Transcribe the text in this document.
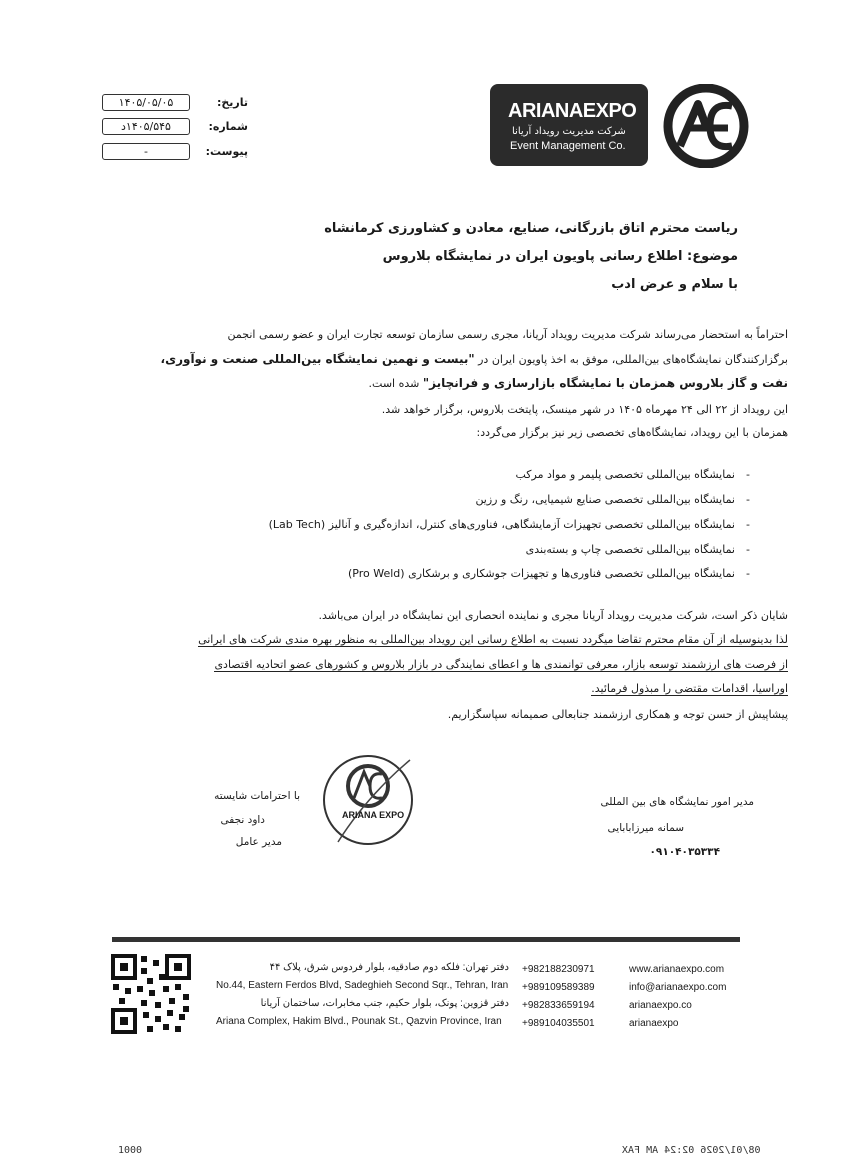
ARIANAEXPO
شرکت مدیریت رویداد آریانا
Event Management Co.
تاریخ:
۱۴۰۵/۰۵/۰۵
شماره:
۱۴۰۵/۵۴۵د
پیوست:
-
ریاست محترم اتاق بازرگانی، صنایع، معادن و کشاورزی کرمانشاه
موضوع: اطلاع رسانی پاویون ایران در نمایشگاه بلاروس
با سلام و عرض ادب
احتراماً به استحضار می‌رساند شرکت مدیریت رویداد آریانا، مجری رسمی سازمان توسعه تجارت ایران و عضو رسمی انجمن
برگزارکنندگان نمایشگاه‌های بین‌المللی، موفق به اخذ پاویون ایران در "بیست و نهمین نمایشگاه بین‌المللی صنعت و نوآوری،
نفت و گاز بلاروس همزمان با نمایشگاه بازارسازی و فرانچایز" شده است.
این رویداد از ۲۲ الی ۲۴ مهرماه ۱۴۰۵ در شهر مینسک، پایتخت بلاروس، برگزار خواهد شد.
همزمان با این رویداد، نمایشگاه‌های تخصصی زیر نیز برگزار می‌گردد:
-
نمایشگاه بین‌المللی تخصصی پلیمر و مواد مرکب
-
نمایشگاه بین‌المللی تخصصی صنایع شیمیایی، رنگ و رزین
-
نمایشگاه بین‌المللی تخصصی تجهیزات آزمایشگاهی، فناوری‌های کنترل، اندازه‌گیری و آنالیز (Lab Tech)
-
نمایشگاه بین‌المللی تخصصی چاپ و بسته‌بندی
-
نمایشگاه بین‌المللی تخصصی فناوری‌ها و تجهیزات جوشکاری و برشکاری (Pro Weld)
شایان ذکر است، شرکت مدیریت رویداد آریانا مجری و نماینده انحصاری این نمایشگاه در ایران می‌باشد.
لذا بدینوسیله از آن مقام محترم تقاضا میگردد نسبت به اطلاع رسانی این رویداد بین‌المللی به منظور بهره مندی شرکت های ایرانی
از فرصت های ارزشمند توسعه بازار، معرفی توانمندی ها و اعطای نمایندگی در بازار بلاروس و کشورهای عضو اتحادیه اقتصادی
اوراسیا، اقدامات مقتضی را مبذول فرمائید.
پیشاپیش از حسن توجه و همکاری ارزشمند جنابعالی صمیمانه سپاسگزاریم.
مدیر امور نمایشگاه های بین المللی
سمانه میرزابابایی
۰۹۱۰۴۰۳۵۳۳۴
ARIANA EXPO
با احترامات شایسته
داود نجفی
مدیر عامل
دفتر تهران: فلکه دوم صادقیه، بلوار فردوس شرق، پلاک ۴۴
No.44, Eastern Ferdos Blvd, Sadeghieh Second Sqr., Tehran, Iran
دفتر قزوین: پونک، بلوار حکیم، جنب مخابرات، ساختمان آریانا
Ariana Complex, Hakim Blvd., Pounak St., Qazvin Province, Iran
+982188230971
+989109589389
+982833659194
+989104035501
www.arianaexpo.com
info@arianaexpo.com
arianaexpo.co
arianaexpo
1000	08/01/2026 02:24 AM FAX
